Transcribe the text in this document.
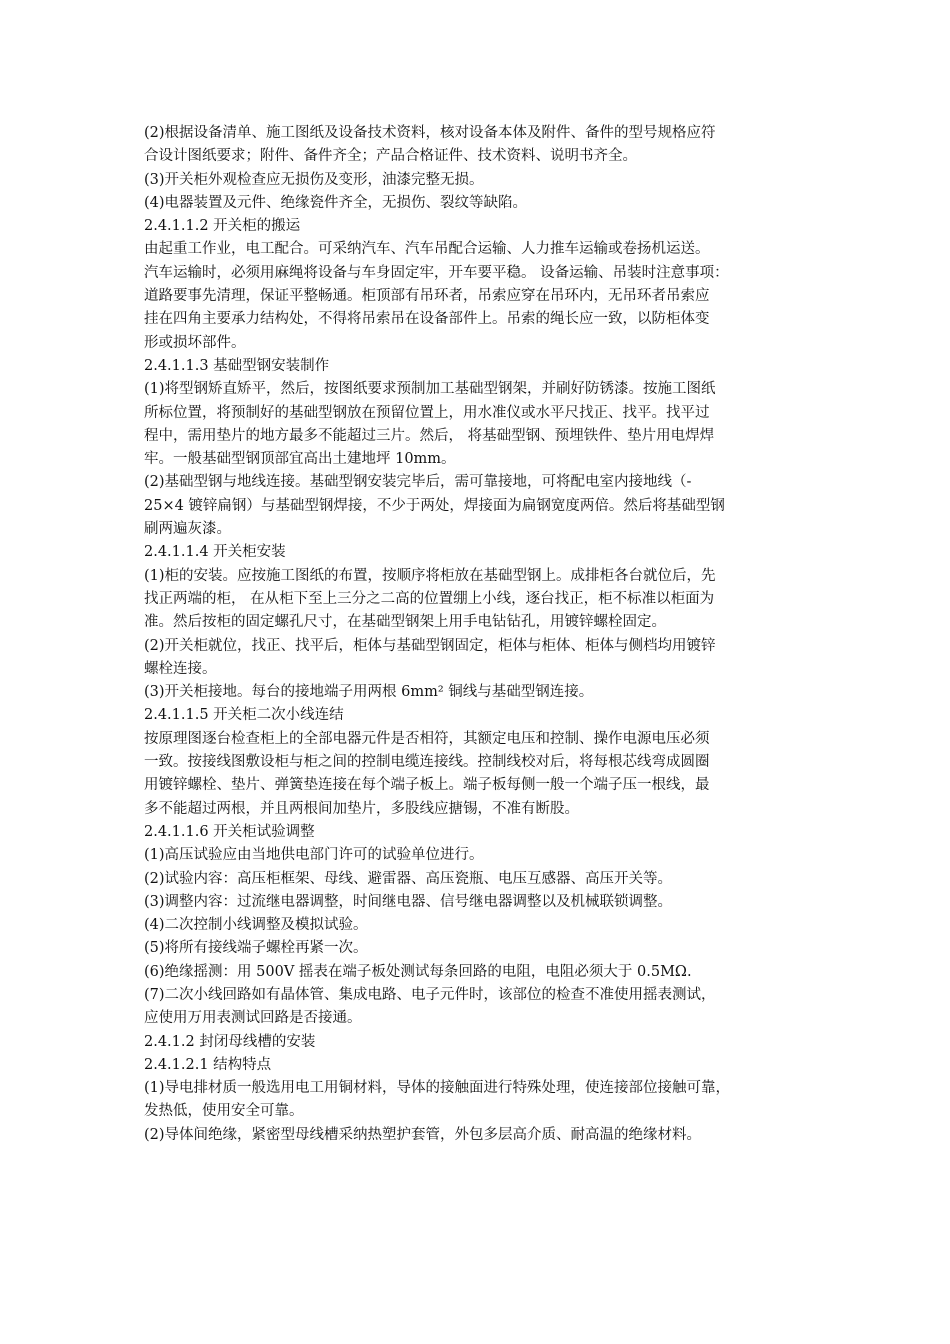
(2)根据设备清单、施工图纸及设备技术资料，核对设备本体及附件、备件的型号规格应符
合设计图纸要求；附件、备件齐全；产品合格证件、技术资料、说明书齐全。
(3)开关柜外观检查应无损伤及变形，油漆完整无损。
(4)电器装置及元件、绝缘瓷件齐全，无损伤、裂纹等缺陷。
2.4.1.1.2 开关柜的搬运
由起重工作业，电工配合。可采纳汽车、汽车吊配合运输、人力推车运输或卷扬机运送。
汽车运输时，必须用麻绳将设备与车身固定牢，开车要平稳。 设备运输、吊装时注意事项：
道路要事先清理，保证平整畅通。柜顶部有吊环者，吊索应穿在吊环内，无吊环者吊索应
挂在四角主要承力结构处，不得将吊索吊在设备部件上。吊索的绳长应一致，以防柜体变
形或损坏部件。
2.4.1.1.3 基础型钢安装制作
(1)将型钢矫直矫平，然后，按图纸要求预制加工基础型钢架，并刷好防锈漆。按施工图纸
所标位置，将预制好的基础型钢放在预留位置上，用水准仪或水平尺找正、找平。找平过
程中，需用垫片的地方最多不能超过三片。然后， 将基础型钢、预埋铁件、垫片用电焊焊
牢。一般基础型钢顶部宜高出土建地坪 10mm。
(2)基础型钢与地线连接。基础型钢安装完毕后，需可靠接地，可将配电室内接地线（-
25×4 镀锌扁钢）与基础型钢焊接，不少于两处，焊接面为扁钢宽度两倍。然后将基础型钢
刷两遍灰漆。
2.4.1.1.4 开关柜安装
(1)柜的安装。应按施工图纸的布置，按顺序将柜放在基础型钢上。成排柜各台就位后，先
找正两端的柜， 在从柜下至上三分之二高的位置绷上小线，逐台找正，柜不标准以柜面为
准。然后按柜的固定螺孔尺寸，在基础型钢架上用手电钻钻孔，用镀锌螺栓固定。
(2)开关柜就位，找正、找平后，柜体与基础型钢固定，柜体与柜体、柜体与侧档均用镀锌
螺栓连接。
(3)开关柜接地。每台的接地端子用两根 6mm² 铜线与基础型钢连接。
2.4.1.1.5 开关柜二次小线连结
按原理图逐台检查柜上的全部电器元件是否相符，其额定电压和控制、操作电源电压必须
一致。按接线图敷设柜与柜之间的控制电缆连接线。控制线校对后，将每根芯线弯成圆圈
用镀锌螺栓、垫片、弹簧垫连接在每个端子板上。端子板每侧一般一个端子压一根线，最
多不能超过两根，并且两根间加垫片，多股线应搪锡，不准有断股。
2.4.1.1.6 开关柜试验调整
(1)高压试验应由当地供电部门许可的试验单位进行。
(2)试验内容：高压柜框架、母线、避雷器、高压瓷瓶、电压互感器、高压开关等。
(3)调整内容：过流继电器调整，时间继电器、信号继电器调整以及机械联锁调整。
(4)二次控制小线调整及模拟试验。
(5)将所有接线端子螺栓再紧一次。
(6)绝缘摇测：用 500V 摇表在端子板处测试每条回路的电阻，电阻必须大于 0.5MΩ.
(7)二次小线回路如有晶体管、集成电路、电子元件时，该部位的检查不准使用摇表测试，
应使用万用表测试回路是否接通。
2.4.1.2 封闭母线槽的安装
2.4.1.2.1 结构特点
(1)导电排材质一般选用电工用铜材料，导体的接触面进行特殊处理，使连接部位接触可靠，
发热低，使用安全可靠。
(2)导体间绝缘，紧密型母线槽采纳热塑护套管，外包多层高介质、耐高温的绝缘材料。
